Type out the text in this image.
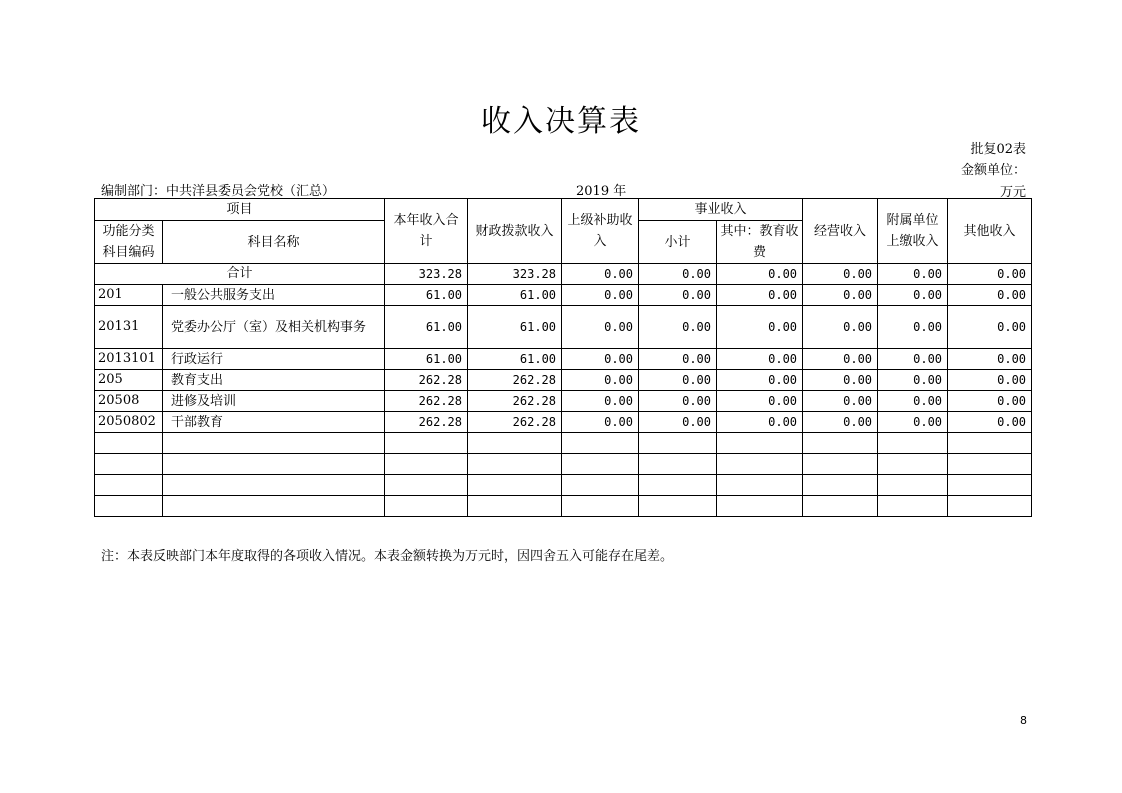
收入决算表
批复02表
金额单位：
编制部门：中共洋县委员会党校（汇总）	2019 年	万元
项目		本年收入合计	财政拨款收入	上级补助收入	事业收入		经营收入	附属单位上缴收入	其他收入
功能分类科目编码	科目名称								
					小计	其中：教育收费			
合计		323.28	323.28	0.00	0.00	0.00	0.00	0.00	0.00
201	一般公共服务支出	61.00	61.00	0.00	0.00	0.00	0.00	0.00	0.00
20131	党委办公厅（室）及相关机构事务	61.00	61.00	0.00	0.00	0.00	0.00	0.00	0.00
2013101	行政运行	61.00	61.00	0.00	0.00	0.00	0.00	0.00	0.00
205	教育支出	262.28	262.28	0.00	0.00	0.00	0.00	0.00	0.00
20508	进修及培训	262.28	262.28	0.00	0.00	0.00	0.00	0.00	0.00
2050802	干部教育	262.28	262.28	0.00	0.00	0.00	0.00	0.00	0.00

注：本表反映部门本年度取得的各项收入情况。本表金额转换为万元时，因四舍五入可能存在尾差。
8
